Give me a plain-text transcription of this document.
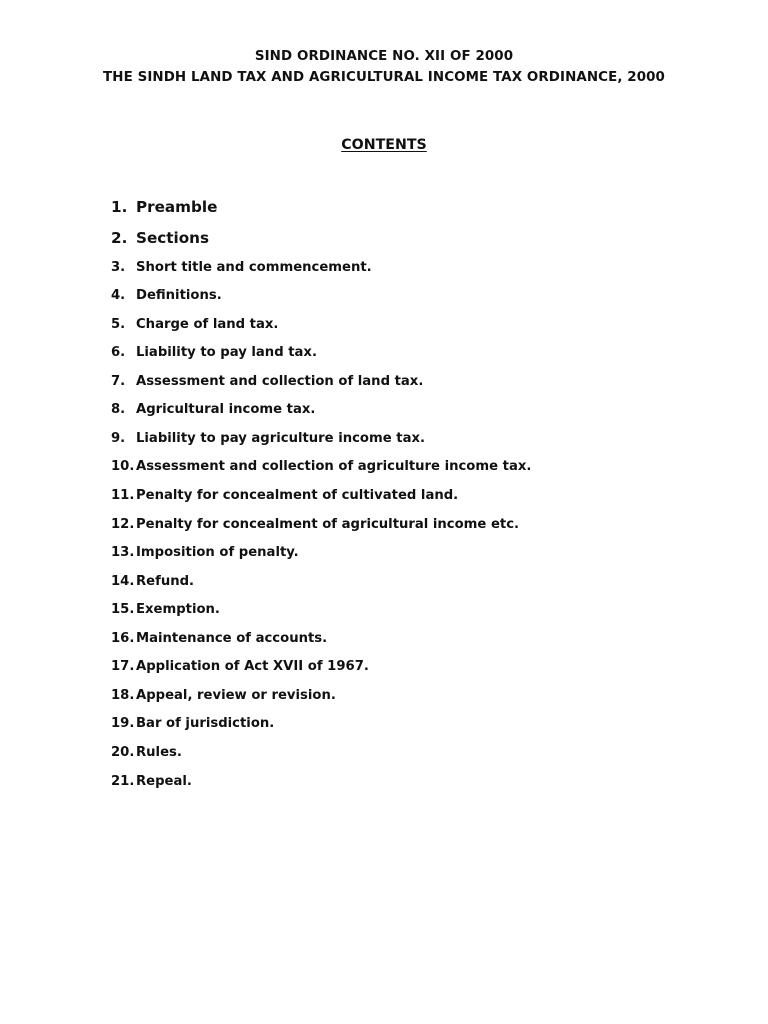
SIND ORDINANCE NO. XII OF 2000
THE SINDH LAND TAX AND AGRICULTURAL INCOME TAX ORDINANCE, 2000
CONTENTS
1. Preamble
2. Sections
3. Short title and commencement.
4. Definitions.
5. Charge of land tax.
6. Liability to pay land tax.
7. Assessment and collection of land tax.
8. Agricultural income tax.
9. Liability to pay agriculture income tax.
10. Assessment and collection of agriculture income tax.
11. Penalty for concealment of cultivated land.
12. Penalty for concealment of agricultural income etc.
13. Imposition of penalty.
14. Refund.
15. Exemption.
16. Maintenance of accounts.
17. Application of Act XVII of 1967.
18. Appeal, review or revision.
19. Bar of jurisdiction.
20. Rules.
21. Repeal.
